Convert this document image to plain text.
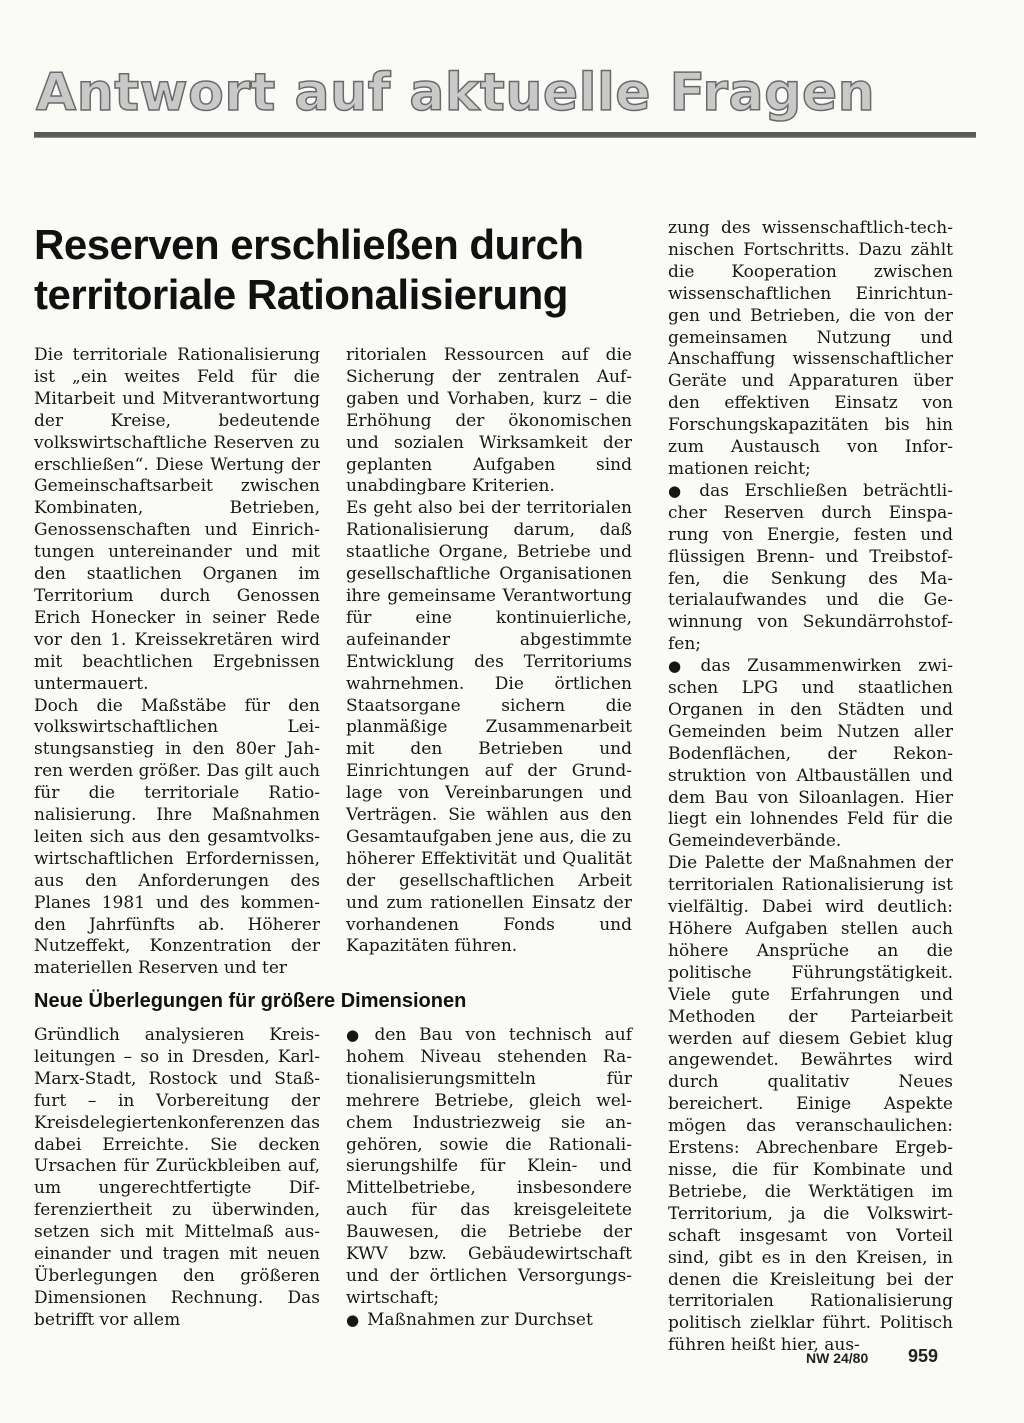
Antwort auf aktuelle Fragen
Reserven erschließen durch territoriale Rationalisierung

Die territoriale Rationalisierung ist „ein weites Feld für die Mitarbeit und Mitverantwortung der Kreise, bedeutende volkswirtschaftliche Reserven zu erschließen“. Diese Wertung der Gemeinschaftsarbeit zwischen Kombinaten, Betrieben, Genossenschaften und Einrichtungen untereinander und mit den staatlichen Organen im Territorium durch Genossen Erich Honecker in seiner Rede vor den 1. Kreissekretären wird mit beachtlichen Ergebnissen untermauert.

Doch die Maßstäbe für den volkswirtschaftlichen Leistungsanstieg in den 80er Jahren werden größer. Das gilt auch für die territoriale Rationalisierung. Ihre Maßnahmen leiten sich aus den gesamtvolkswirtschaftlichen Erfordernissen, aus den Anforderungen des Planes 1981 und des kommenden Jahrfünfts ab. Höherer Nutzeffekt, Konzentration der materiellen Reserven und ter

ritorialen Ressourcen auf die Sicherung der zentralen Aufgaben und Vorhaben, kurz – die Erhöhung der ökonomischen und sozialen Wirksamkeit der geplanten Aufgaben sind unabdingbare Kriterien.

Es geht also bei der territorialen Rationalisierung darum, daß staatliche Organe, Betriebe und gesellschaftliche Organisationen ihre gemeinsame Verantwortung für eine kontinuierliche, aufeinander abgestimmte Entwicklung des Territoriums wahrnehmen. Die örtlichen Staatsorgane sichern die planmäßige Zusammenarbeit mit den Betrieben und Einrichtungen auf der Grundlage von Vereinbarungen und Verträgen. Sie wählen aus den Gesamtaufgaben jene aus, die zu höherer Effektivität und Qualität der gesellschaftlichen Arbeit und zum rationellen Einsatz der vorhandenen Fonds und Kapazitäten führen.

zung des wissenschaftlich-technischen Fortschritts. Dazu zählt die Kooperation zwischen wissenschaftlichen Einrichtungen und Betrieben, die von der gemeinsamen Nutzung und Anschaffung wissenschaftlicher Geräte und Apparaturen über den effektiven Einsatz von Forschungskapazitäten bis hin zum Austausch von Informationen reicht;

● das Erschließen beträchtlicher Reserven durch Einsparung von Energie, festen und flüssigen Brenn- und Treibstoffen, die Senkung des Materialaufwandes und die Gewinnung von Sekundärrohstoffen;

● das Zusammenwirken zwischen LPG und staatlichen Organen in den Städten und Gemeinden beim Nutzen aller Bodenflächen, der Rekonstruktion von Altbauställen und dem Bau von Siloanlagen. Hier liegt ein lohnendes Feld für die Gemeindeverbände.

Die Palette der Maßnahmen der territorialen Rationalisierung ist vielfältig. Dabei wird deutlich: Höhere Aufgaben stellen auch höhere Ansprüche an die politische Führungstätigkeit. Viele gute Erfahrungen und Methoden der Parteiarbeit werden auf diesem Gebiet klug angewendet. Bewährtes wird durch qualitativ Neues bereichert. Einige Aspekte mögen das veranschaulichen: Erstens: Abrechenbare Ergebnisse, die für Kombinate und Betriebe, die Werktätigen im Territorium, ja die Volkswirtschaft insgesamt von Vorteil sind, gibt es in den Kreisen, in denen die Kreisleitung bei der territorialen Rationalisierung politisch zielklar führt. Politisch führen heißt hier, aus-

Neue Überlegungen für größere Dimensionen

Gründlich analysieren Kreisleitungen – so in Dresden, Karl-Marx-Stadt, Rostock und Staßfurt – in Vorbereitung der Kreisdelegiertenkonferenzen das dabei Erreichte. Sie decken Ursachen für Zurückbleiben auf, um ungerechtfertigte Differenziertheit zu überwinden, setzen sich mit Mittelmaß auseinander und tragen mit neuen Überlegungen den größeren Dimensionen Rechnung. Das betrifft vor allem

● den Bau von technisch auf hohem Niveau stehenden Rationalisierungsmitteln für mehrere Betriebe, gleich welchem Industriezweig sie angehören, sowie die Rationalisierungshilfe für Klein- und Mittelbetriebe, insbesondere auch für das kreisgeleitete Bauwesen, die Betriebe der KWV bzw. Gebäudewirtschaft und der örtlichen Versorgungswirtschaft;

● Maßnahmen zur Durchset

NW 24/80 959
